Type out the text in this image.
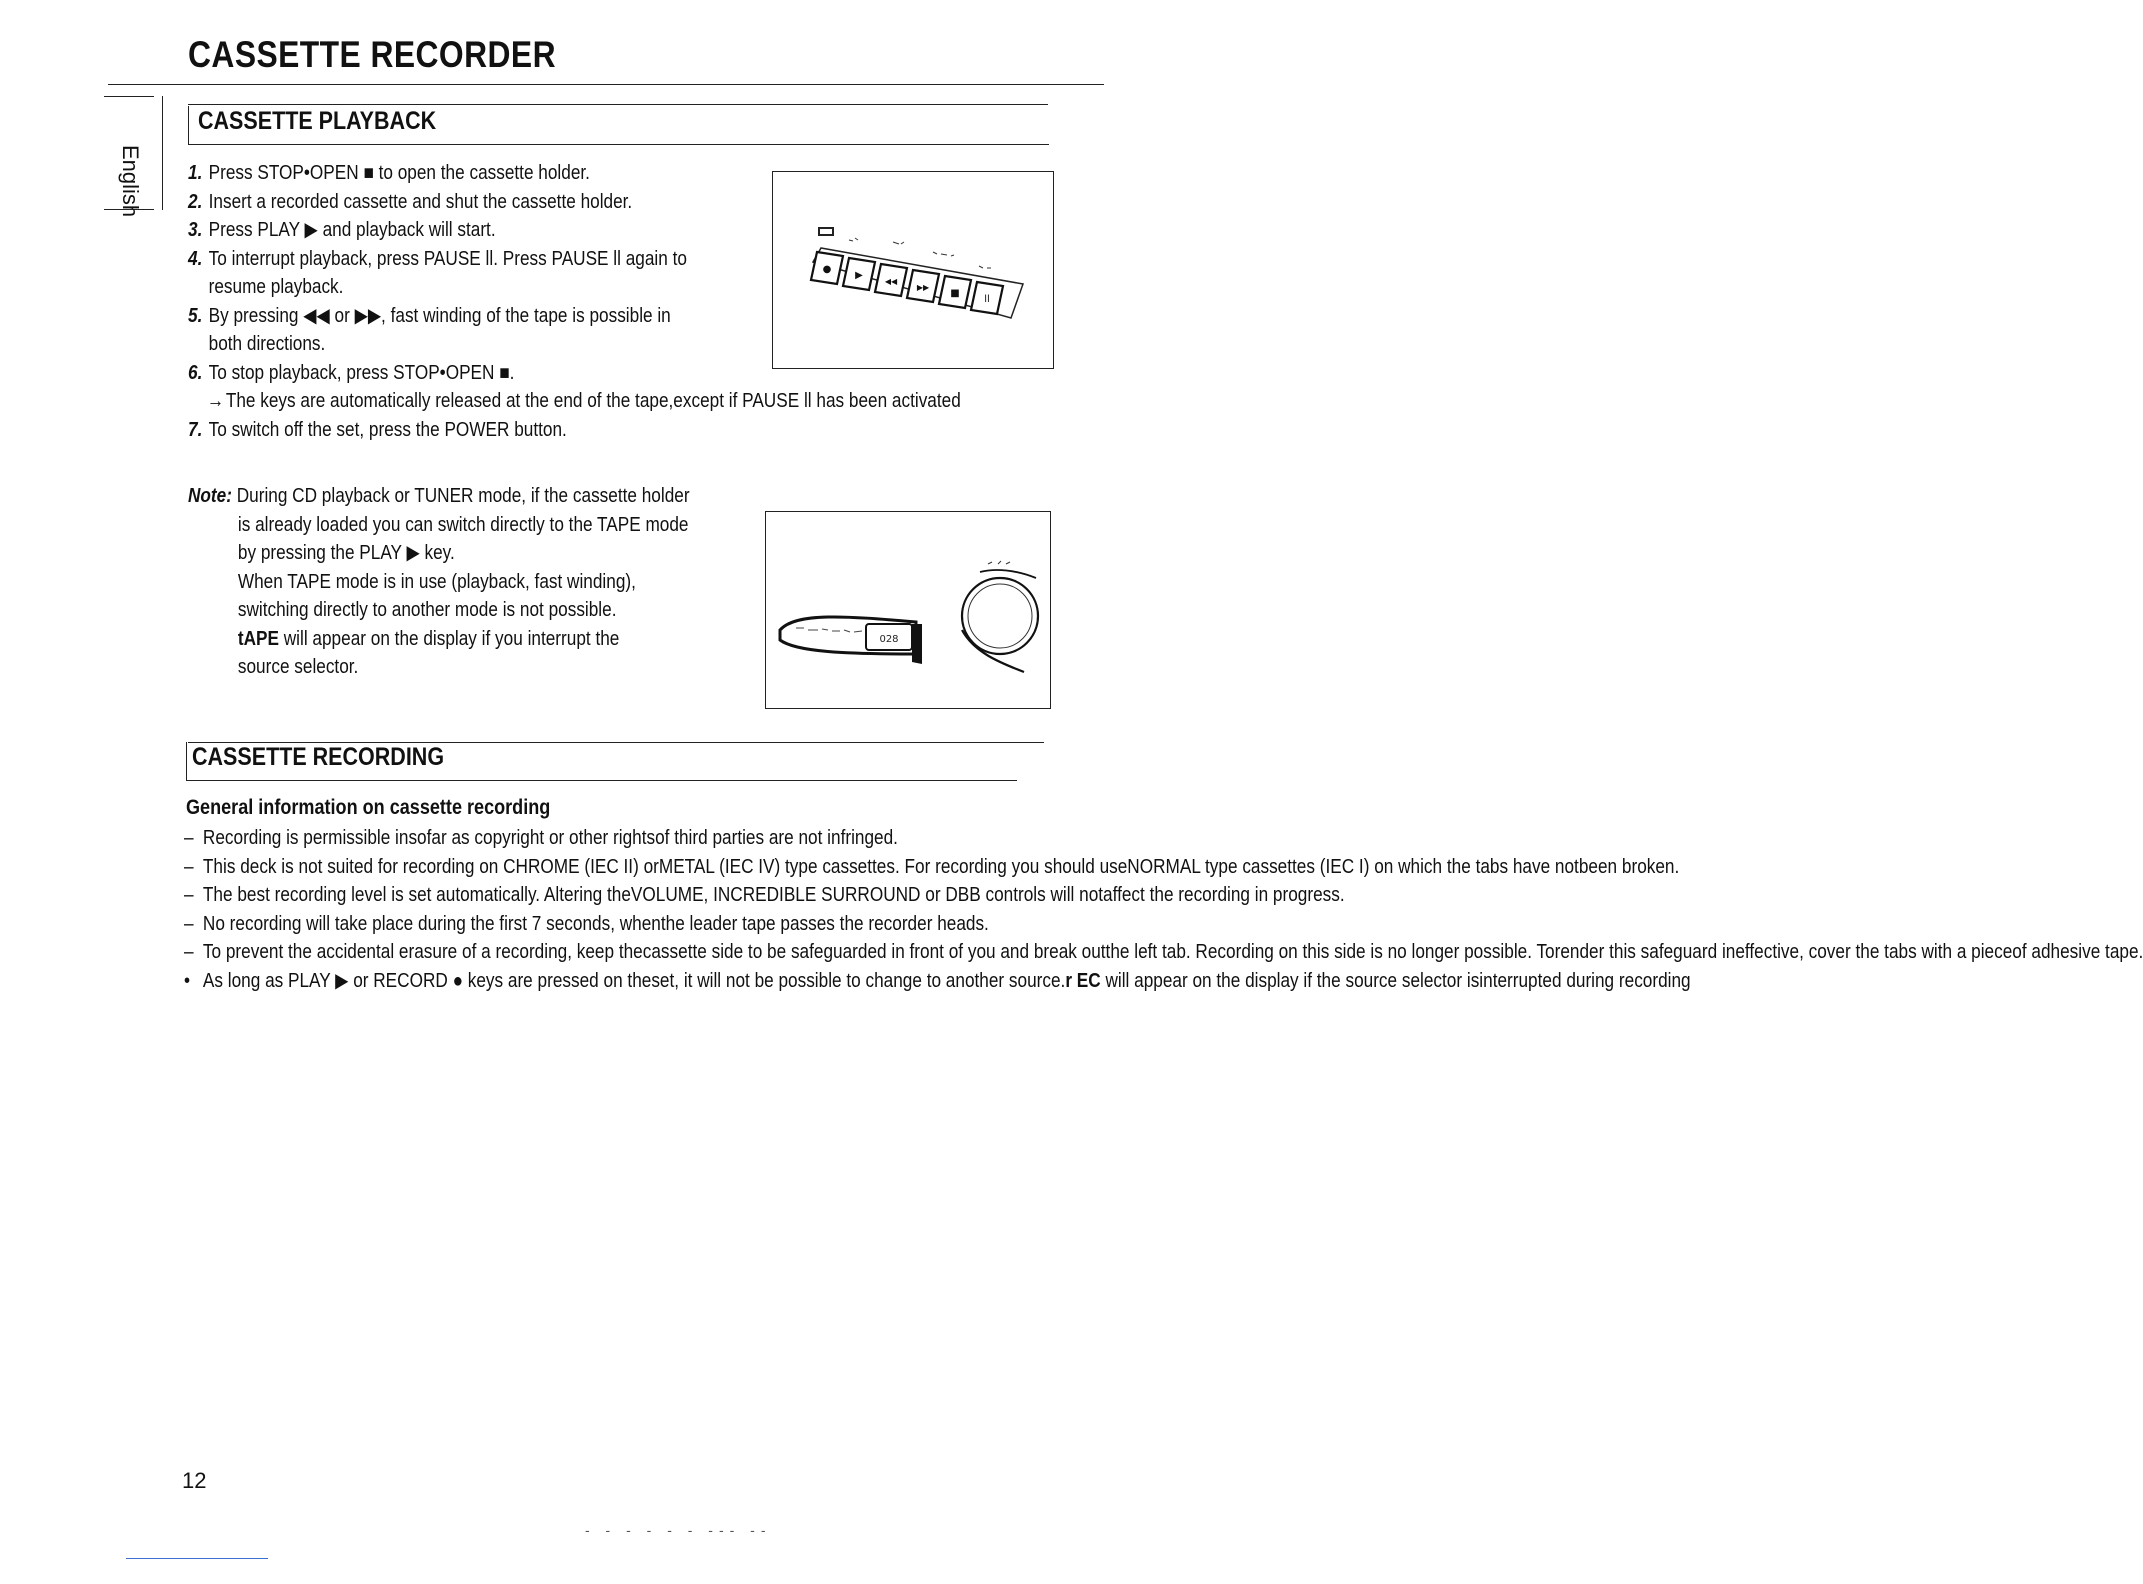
CASSETTE RECORDER
English
CASSETTE PLAYBACK
1. Press STOP•OPEN ■ to open the cassette holder.
2. Insert a recorded cassette and shut the cassette holder.
3. Press PLAY ▶ and playback will start.
4. To interrupt playback, press PAUSE ll. Press PAUSE ll again to
resume playback.
5. By pressing ◀◀ or ▶▶, fast winding of the tape is possible in
both directions.
6. To stop playback, press STOP•OPEN ■.
→ The keys are automatically released at the end of the tape,except if PAUSE ll has been activated
7. To switch off the set, press the POWER button.
Note: During CD playback or TUNER mode, if the cassette holder
is already loaded you can switch directly to the TAPE mode
by pressing the PLAY ▶ key.
When TAPE mode is in use (playback, fast winding),
switching directly to another mode is not possible.
tAPE will appear on the display if you interrupt the
source selector.
●
▶
◀◀
▶▶
■
ll
028
CASSETTE RECORDING
General information on cassette recording
– Recording is permissible insofar as copyright or other rightsof third parties are not infringed.
– This deck is not suited for recording on CHROME (IEC II) orMETAL (IEC IV) type cassettes. For recording you should useNORMAL type cassettes (IEC I) on which the tabs have notbeen broken.
– The best recording level is set automatically. Altering theVOLUME, INCREDIBLE SURROUND or DBB controls will notaffect the recording in progress.
– No recording will take place during the first 7 seconds, whenthe leader tape passes the recorder heads.
– To prevent the accidental erasure of a recording, keep thecassette side to be safeguarded in front of you and break outthe left tab. Recording on this side is no longer possible. Torender this safeguard ineffective, cover the tabs with a pieceof adhesive tape.
• As long as PLAY ▶ or RECORD ● keys are pressed on theset, it will not be possible to change to another source.r EC will appear on the display if the source selector isinterrupted during recording
12
- - - - - - --- --
